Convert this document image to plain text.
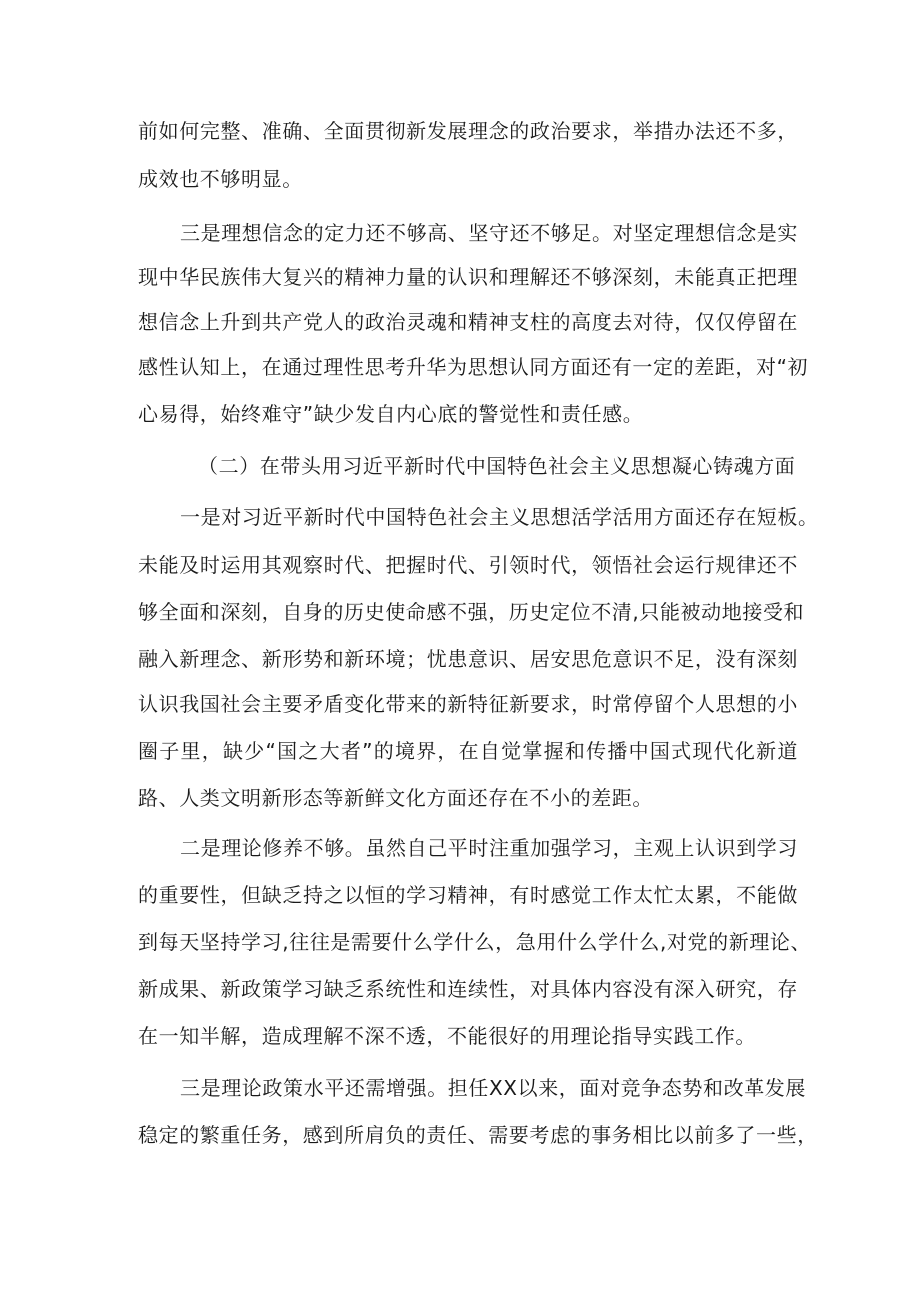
前如何完整、准确、全面贯彻新发展理念的政治要求，举措办法还不多，
成效也不够明显。
三是理想信念的定力还不够高、坚守还不够足。对坚定理想信念是实
现中华民族伟大复兴的精神力量的认识和理解还不够深刻，未能真正把理
想信念上升到共产党人的政治灵魂和精神支柱的高度去对待，仅仅停留在
感性认知上，在通过理性思考升华为思想认同方面还有一定的差距，对“初
心易得，始终难守”缺少发自内心底的警觉性和责任感。
（二）在带头用习近平新时代中国特色社会主义思想凝心铸魂方面
一是对习近平新时代中国特色社会主义思想活学活用方面还存在短板。
未能及时运用其观察时代、把握时代、引领时代，领悟社会运行规律还不
够全面和深刻，自身的历史使命感不强，历史定位不清,只能被动地接受和
融入新理念、新形势和新环境；忧患意识、居安思危意识不足，没有深刻
认识我国社会主要矛盾变化带来的新特征新要求，时常停留个人思想的小
圈子里，缺少“国之大者”的境界，在自觉掌握和传播中国式现代化新道
路、人类文明新形态等新鲜文化方面还存在不小的差距。
二是理论修养不够。虽然自己平时注重加强学习，主观上认识到学习
的重要性，但缺乏持之以恒的学习精神，有时感觉工作太忙太累，不能做
到每天坚持学习,往往是需要什么学什么，急用什么学什么,对党的新理论、
新成果、新政策学习缺乏系统性和连续性，对具体内容没有深入研究，存
在一知半解，造成理解不深不透，不能很好的用理论指导实践工作。
三是理论政策水平还需增强。担任XX以来，面对竞争态势和改革发展
稳定的繁重任务，感到所肩负的责任、需要考虑的事务相比以前多了一些，
